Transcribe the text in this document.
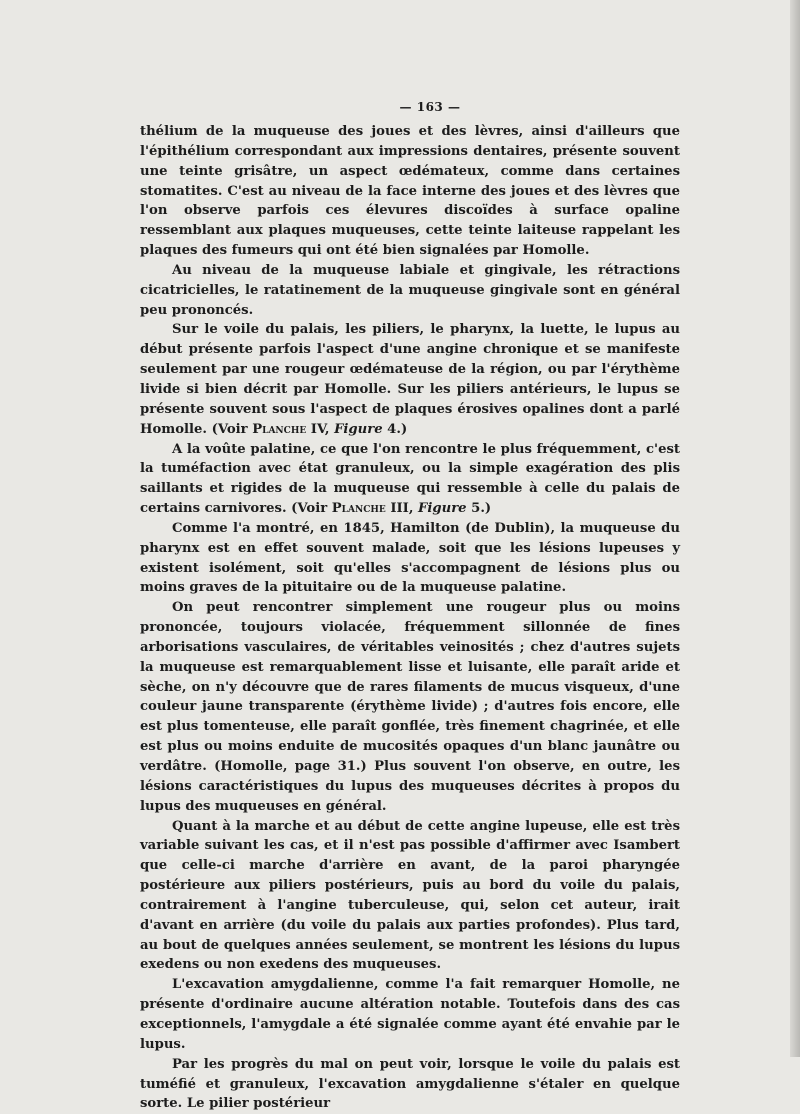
— 163 —

thélium de la muqueuse des joues et des lèvres, ainsi d'ailleurs que l'épithélium correspondant aux impressions dentaires, présente souvent une teinte grisâtre, un aspect œdémateux, comme dans certaines stomatites. C'est au niveau de la face interne des joues et des lèvres que l'on observe parfois ces élevures discoïdes à surface opaline ressemblant aux plaques muqueuses, cette teinte laiteuse rappelant les plaques des fumeurs qui ont été bien signalées par Homolle.

Au niveau de la muqueuse labiale et gingivale, les rétractions cicatricielles, le ratatinement de la muqueuse gingivale sont en général peu prononcés.

Sur le voile du palais, les piliers, le pharynx, la luette, le lupus au début présente parfois l'aspect d'une angine chronique et se manifeste seulement par une rougeur œdémateuse de la région, ou par l'érythème livide si bien décrit par Homolle. Sur les piliers antérieurs, le lupus se présente souvent sous l'aspect de plaques érosives opalines dont a parlé Homolle. (Voir Planche IV, Figure 4.)

A la voûte palatine, ce que l'on rencontre le plus fréquemment, c'est la tuméfaction avec état granuleux, ou la simple exagération des plis saillants et rigides de la muqueuse qui ressemble à celle du palais de certains carnivores. (Voir Planche III, Figure 5.)

Comme l'a montré, en 1845, Hamilton (de Dublin), la muqueuse du pharynx est en effet souvent malade, soit que les lésions lupeuses y existent isolément, soit qu'elles s'accompagnent de lésions plus ou moins graves de la pituitaire ou de la muqueuse palatine.

On peut rencontrer simplement une rougeur plus ou moins prononcée, toujours violacée, fréquemment sillonnée de fines arborisations vasculaires, de véritables veinosités ; chez d'autres sujets la muqueuse est remarquablement lisse et luisante, elle paraît aride et sèche, on n'y découvre que de rares filaments de mucus visqueux, d'une couleur jaune transparente (érythème livide) ; d'autres fois encore, elle est plus tomenteuse, elle paraît gonflée, très finement chagrinée, et elle est plus ou moins enduite de mucosités opaques d'un blanc jaunâtre ou verdâtre. (Homolle, page 31.) Plus souvent l'on observe, en outre, les lésions caractéristiques du lupus des muqueuses décrites à propos du lupus des muqueuses en général.

Quant à la marche et au début de cette angine lupeuse, elle est très variable suivant les cas, et il n'est pas possible d'affirmer avec Isambert que celle-ci marche d'arrière en avant, de la paroi pharyngée postérieure aux piliers postérieurs, puis au bord du voile du palais, contrairement à l'angine tuberculeuse, qui, selon cet auteur, irait d'avant en arrière (du voile du palais aux parties profondes). Plus tard, au bout de quelques années seulement, se montrent les lésions du lupus exedens ou non exedens des muqueuses.

L'excavation amygdalienne, comme l'a fait remarquer Homolle, ne présente d'ordinaire aucune altération notable. Toutefois dans des cas exceptionnels, l'amygdale a été signalée comme ayant été envahie par le lupus.

Par les progrès du mal on peut voir, lorsque le voile du palais est tuméfié et granuleux, l'excavation amygdalienne s'étaler en quelque sorte. Le pilier postérieur
